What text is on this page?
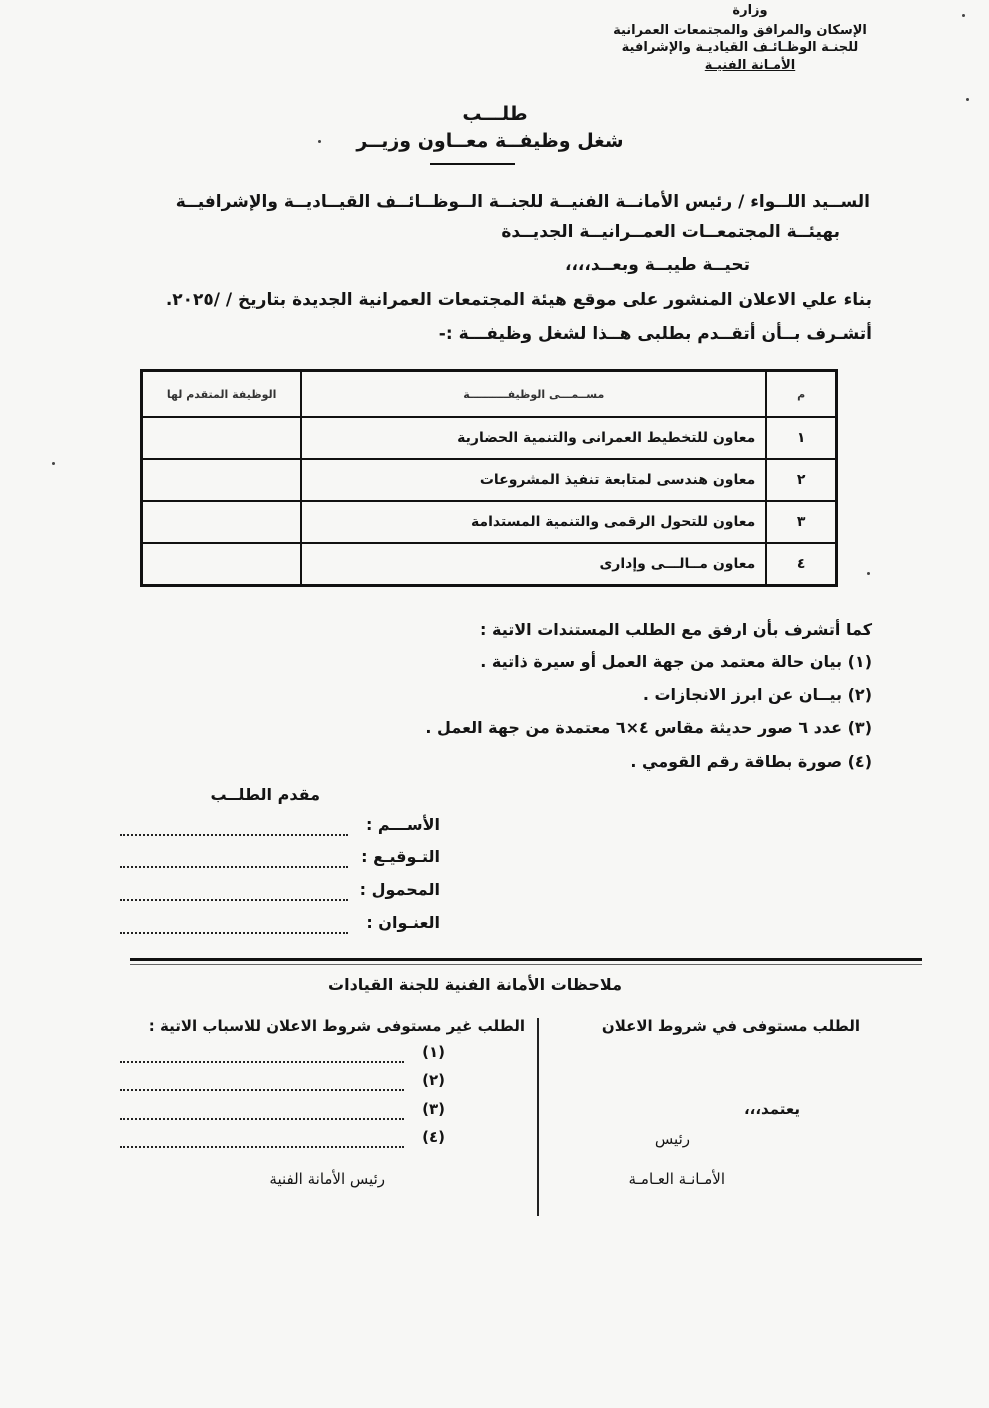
وزارة
الإسكان والمرافق والمجتمعات العمرانية
للجنـة الوظـائـف القياديـة والإشرافية
الأمـانة الفنيـة
طلـــب
شغل وظيفــة معــاون وزيــر
الســيد اللــواء / رئيس الأمانــة الفنيــة للجنــة الــوظــائــف القيــاديــة والإشرافيــة
بهيئــة المجتمعــات العمــرانيــة الجديــدة
تحيــة طيبــة وبعــد،،،،
بناء علي الاعلان المنشور على موقع هيئة المجتمعات العمرانية الجديدة بتاريخ / /٢٠٢٥.
أتشـرف بــأن أتقــدم بطلبى هــذا لشغل وظيفـــة :-
م	مســمـــى الوظيفــــــــــة	الوظيفة المتقدم لها
١	معاون للتخطيط العمرانى والتنمية الحضارية	
٢	معاون هندسى لمتابعة تنفيذ المشروعات	
٣	معاون للتحول الرقمى والتنمية المستدامة	
٤	معاون مــالـــى وإدارى	
كما أتشرف بأن ارفق مع الطلب المستندات الاتية :
(١) بيان حالة معتمد من جهة العمل أو سيرة ذاتية .
(٢) بيــان عن ابرز الانجازات .
(٣) عدد ٦ صور حديثة مقاس ٤×٦ معتمدة من جهة العمل .
(٤) صورة بطاقة رقم القومي .
مقدم الطلــب
الأســـم :
التـوقيـع :
المحمول :
العنـوان :
ملاحظات الأمانة الفنية للجنة القيادات
الطلب مستوفى في شروط الاعلان
الطلب غير مستوفى شروط الاعلان للاسباب الاتية :
(١)
(٢)
(٣)
(٤)
يعتمد،،،
رئيس
الأمـانـة العـامـة
رئيس الأمانة الفنية
